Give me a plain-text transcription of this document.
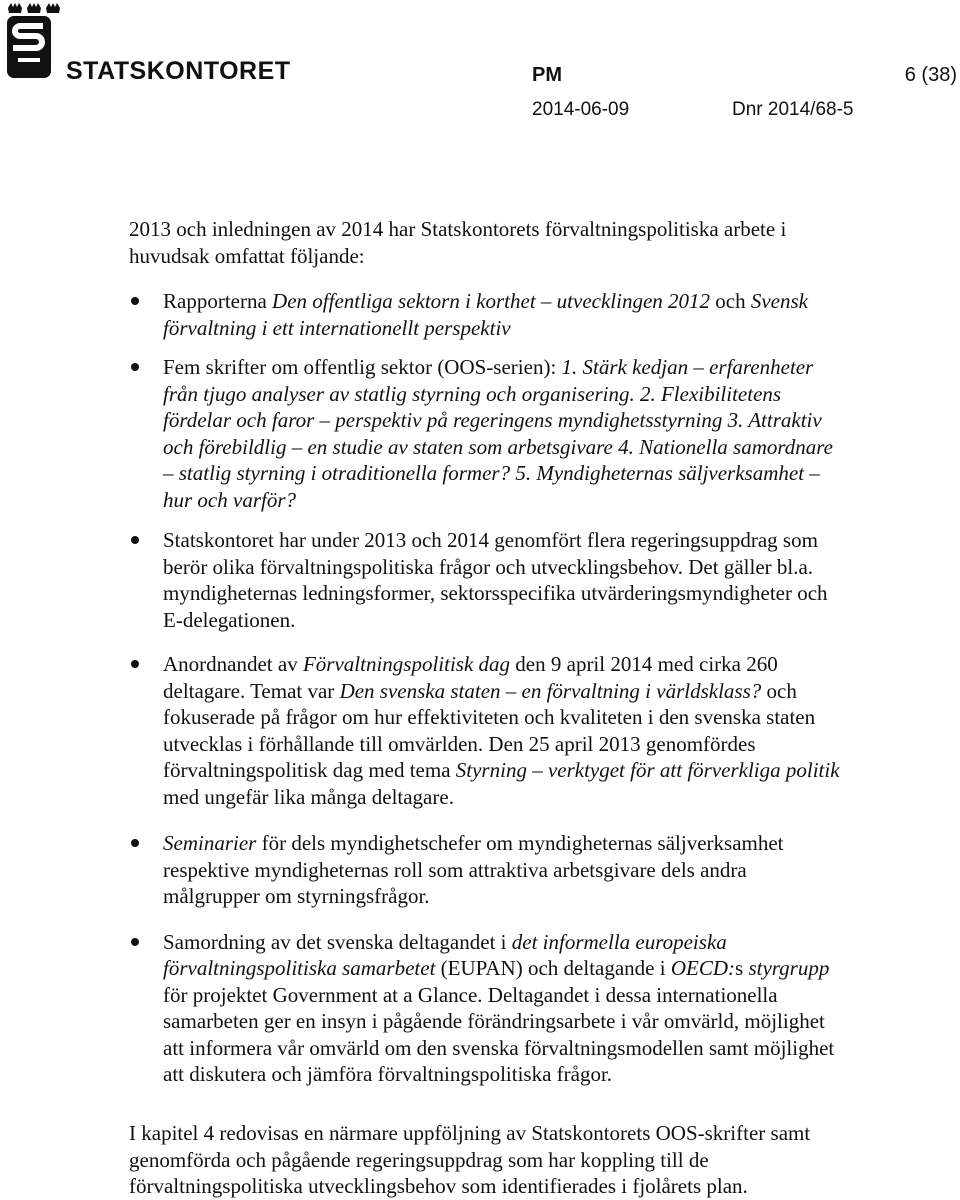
STATSKONTORET	PM	6 (38)
2014-06-09	Dnr 2014/68-5
2013 och inledningen av 2014 har Statskontorets förvaltningspolitiska arbete i huvudsak omfattat följande:
Rapporterna Den offentliga sektorn i korthet – utvecklingen 2012 och Svensk förvaltning i ett internationellt perspektiv
Fem skrifter om offentlig sektor (OOS-serien): 1. Stärk kedjan – erfarenheter från tjugo analyser av statlig styrning och organisering. 2. Flexibilitetens fördelar och faror – perspektiv på regeringens myndighetsstyrning 3. Attraktiv och förebildlig – en studie av staten som arbetsgivare 4. Nationella samordnare – statlig styrning i otraditionella former? 5. Myndigheternas säljverksamhet – hur och varför?
Statskontoret har under 2013 och 2014 genomfört flera regeringsuppdrag som berör olika förvaltningspolitiska frågor och utvecklingsbehov. Det gäller bl.a. myndigheternas ledningsformer, sektorsspecifika utvärderingsmyndigheter och E-delegationen.
Anordnandet av Förvaltningspolitisk dag den 9 april 2014 med cirka 260 deltagare. Temat var Den svenska staten – en förvaltning i världsklass? och fokuserade på frågor om hur effektiviteten och kvaliteten i den svenska staten utvecklas i förhållande till omvärlden. Den 25 april 2013 genomfördes förvaltningspolitisk dag med tema Styrning – verktyget för att förverkliga politik med ungefär lika många deltagare.
Seminarier för dels myndighetschefer om myndigheternas säljverksamhet respektive myndigheternas roll som attraktiva arbetsgivare dels andra målgrupper om styrningsfrågor.
Samordning av det svenska deltagandet i det informella europeiska förvaltningspolitiska samarbetet (EUPAN) och deltagande i OECD:s styrgrupp för projektet Government at a Glance. Deltagandet i dessa internationella samarbeten ger en insyn i pågående förändringsarbete i vår omvärld, möjlighet att informera vår omvärld om den svenska förvaltningsmodellen samt möjlighet att diskutera och jämföra förvaltningspolitiska frågor.
I kapitel 4 redovisas en närmare uppföljning av Statskontorets OOS-skrifter samt genomförda och pågående regeringsuppdrag som har koppling till de förvaltningspolitiska utvecklingsbehov som identifierades i fjolårets plan.
